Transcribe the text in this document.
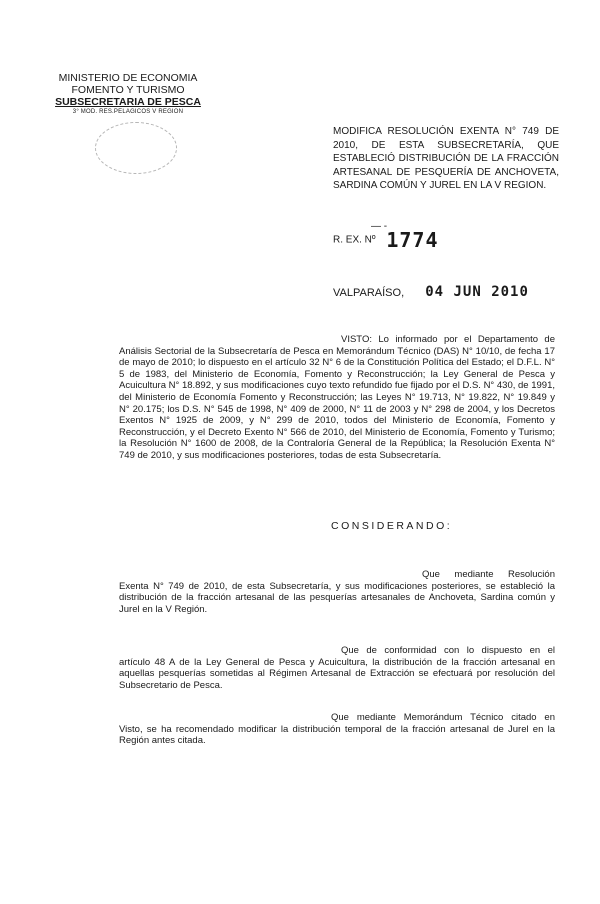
MINISTERIO DE ECONOMIA
FOMENTO Y TURISMO
SUBSECRETARIA DE PESCA
3° MOD. RES.PELAGICOS V REGION
MODIFICA RESOLUCIÓN EXENTA N° 749 DE 2010, DE ESTA SUBSECRETARÍA, QUE ESTABLECIÓ DISTRIBUCIÓN DE LA FRACCIÓN ARTESANAL DE PESQUERÍA DE ANCHOVETA, SARDINA COMÚN Y JUREL EN LA V REGION.
— -
R. EX. Nº 1774
VALPARAÍSO, 04 JUN 2010
VISTO: Lo informado por el Departamento de Análisis Sectorial de la Subsecretaría de Pesca en Memorándum Técnico (DAS) N° 10/10, de fecha 17 de mayo de 2010; lo dispuesto en el artículo 32 N° 6 de la Constitución Política del Estado; el D.F.L. N° 5 de 1983, del Ministerio de Economía, Fomento y Reconstrucción; la Ley General de Pesca y Acuicultura N° 18.892, y sus modificaciones cuyo texto refundido fue fijado por el D.S. N° 430, de 1991, del Ministerio de Economía Fomento y Reconstrucción; las Leyes N° 19.713, N° 19.822, N° 19.849 y N° 20.175; los D.S. N° 545 de 1998, N° 409 de 2000, N° 11 de 2003 y N° 298 de 2004, y los Decretos Exentos N° 1925 de 2009, y N° 299 de 2010, todos del Ministerio de Economía, Fomento y Reconstrucción, y el Decreto Exento N° 566 de 2010, del Ministerio de Economía, Fomento y Turismo; la Resolución N° 1600 de 2008, de la Contraloría General de la República; la Resolución Exenta N° 749 de 2010, y sus modificaciones posteriores, todas de esta Subsecretaría.
CONSIDERANDO:
Que mediante Resolución Exenta N° 749 de 2010, de esta Subsecretaría, y sus modificaciones posteriores, se estableció la distribución de la fracción artesanal de las pesquerías artesanales de Anchoveta, Sardina común y Jurel en la V Región.
Que de conformidad con lo dispuesto en el artículo 48 A de la Ley General de Pesca y Acuicultura, la distribución de la fracción artesanal en aquellas pesquerías sometidas al Régimen Artesanal de Extracción se efectuará por resolución del Subsecretario de Pesca.
Que mediante Memorándum Técnico citado en Visto, se ha recomendado modificar la distribución temporal de la fracción artesanal de Jurel en la Región antes citada.
